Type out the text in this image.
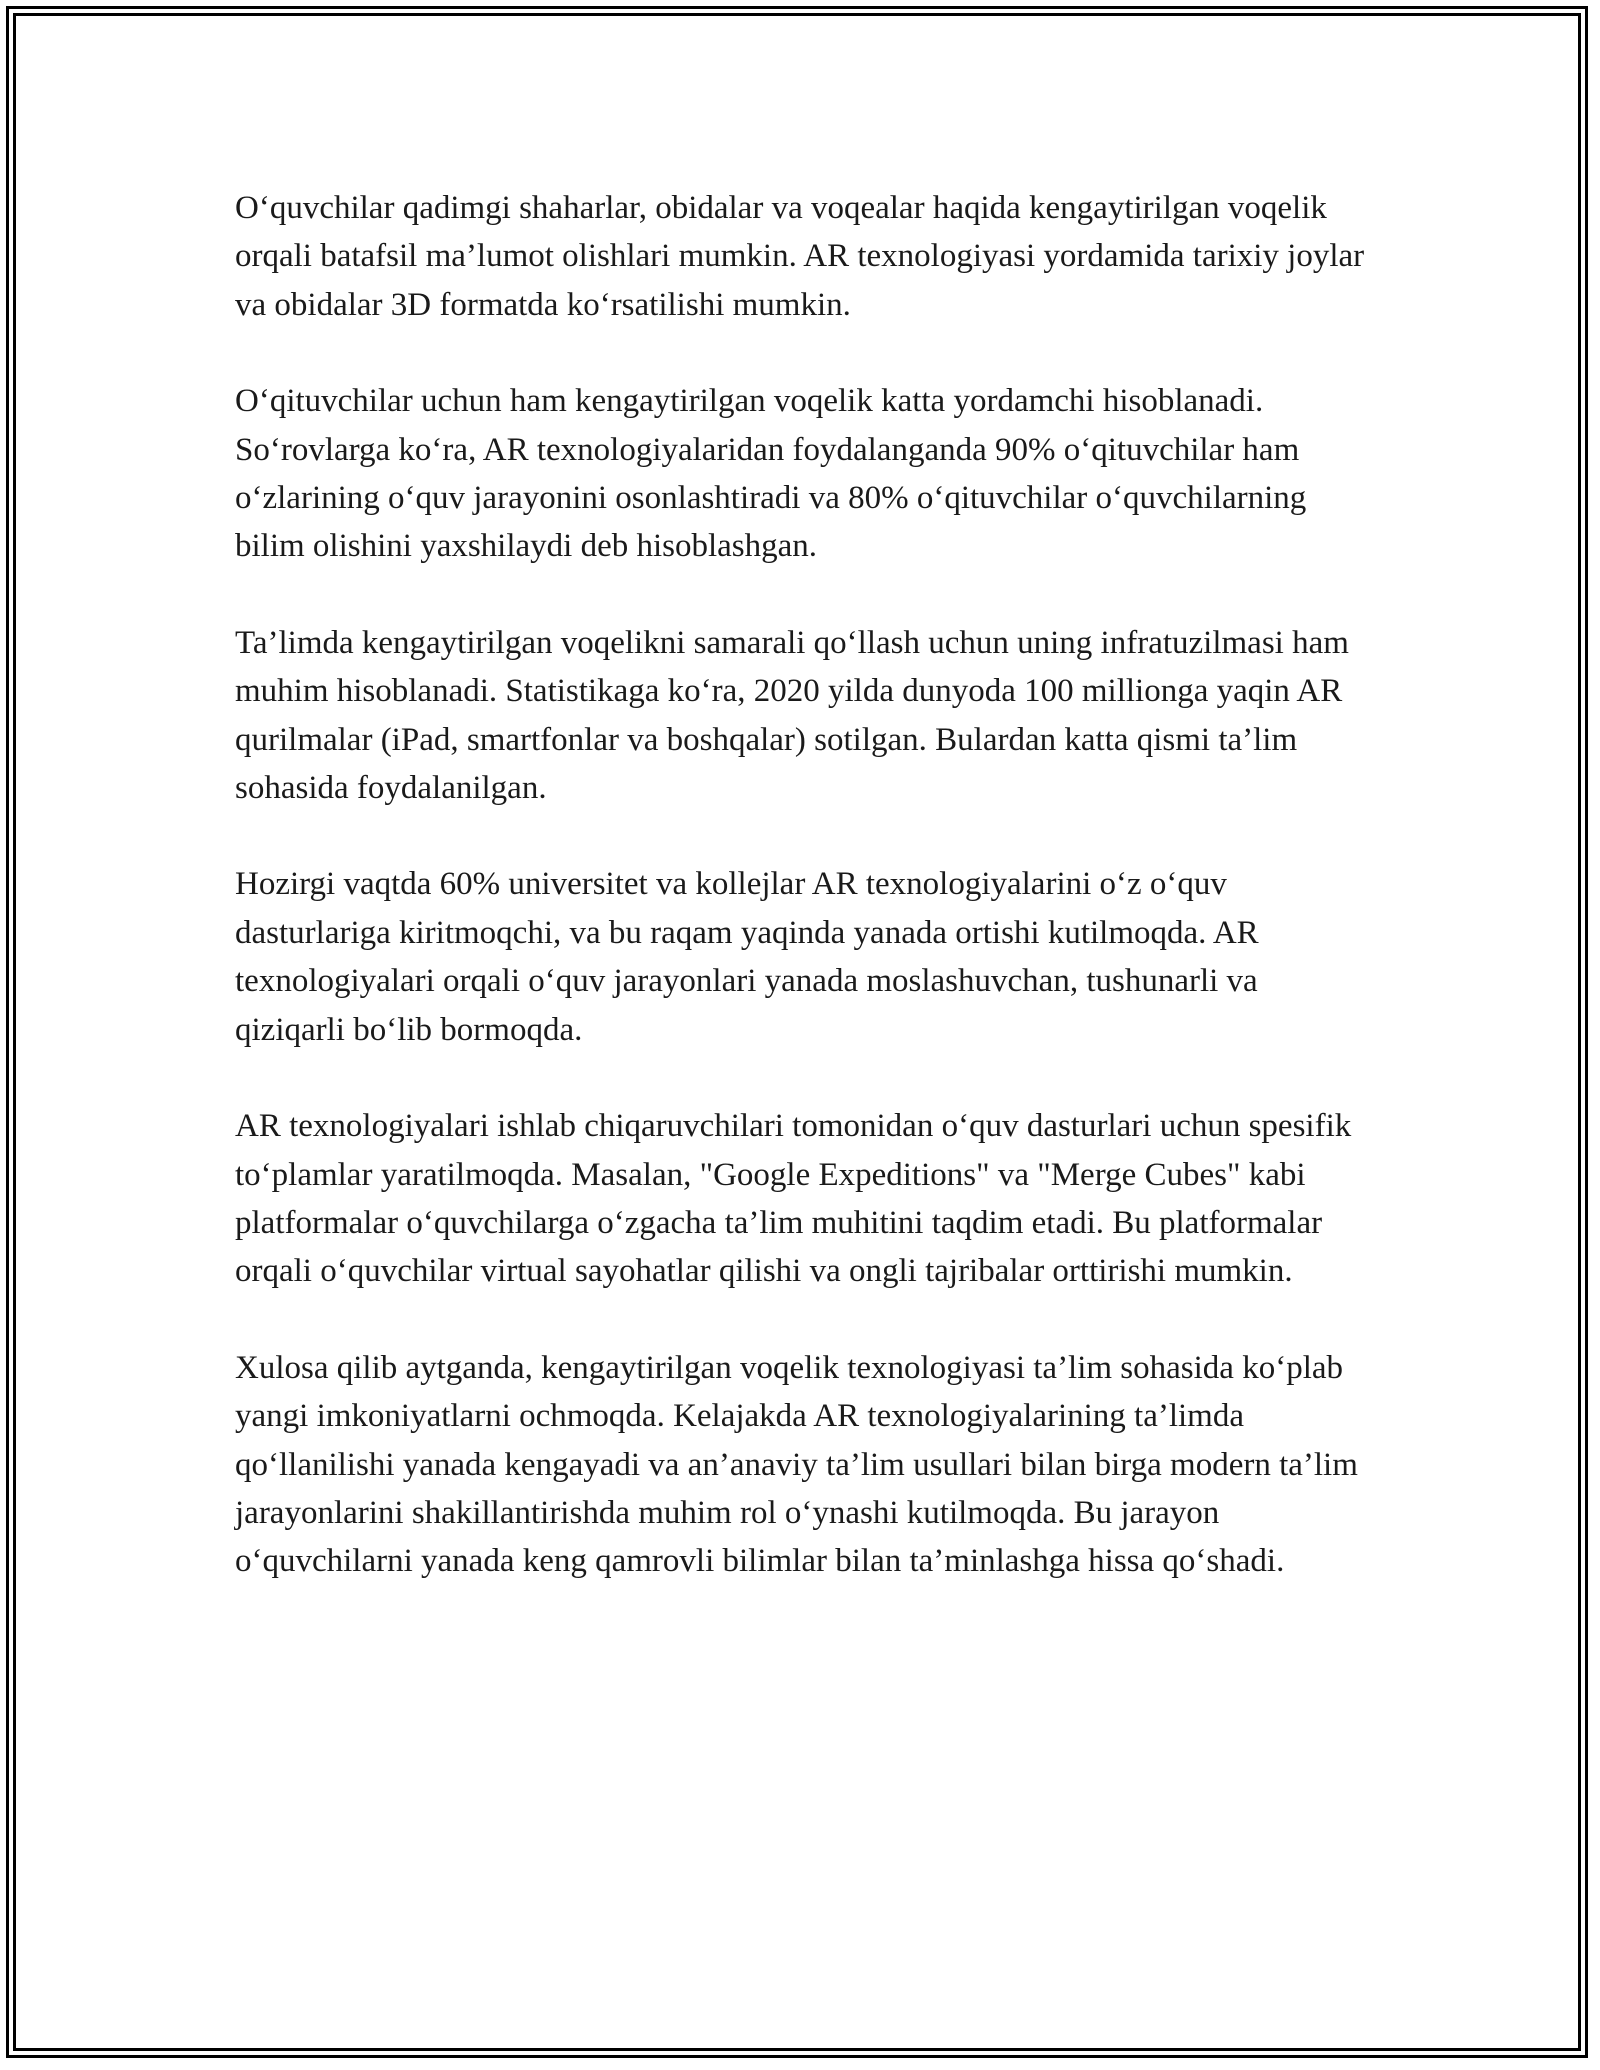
O‘quvchilar qadimgi shaharlar, obidalar va voqealar haqida kengaytirilgan voqelik orqali batafsil ma’lumot olishlari mumkin. AR texnologiyasi yordamida tarixiy joylar va obidalar 3D formatda ko‘rsatilishi mumkin.

O‘qituvchilar uchun ham kengaytirilgan voqelik katta yordamchi hisoblanadi. So‘rovlarga ko‘ra, AR texnologiyalaridan foydalanganda 90% o‘qituvchilar ham o‘zlarining o‘quv jarayonini osonlashtiradi va 80% o‘qituvchilar o‘quvchilarning bilim olishini yaxshilaydi deb hisoblashgan.

Ta’limda kengaytirilgan voqelikni samarali qo‘llash uchun uning infratuzilmasi ham muhim hisoblanadi. Statistikaga ko‘ra, 2020 yilda dunyoda 100 millionga yaqin AR qurilmalar (iPad, smartfonlar va boshqalar) sotilgan. Bulardan katta qismi ta’lim sohasida foydalanilgan.

Hozirgi vaqtda 60% universitet va kollejlar AR texnologiyalarini o‘z o‘quv dasturlariga kiritmoqchi, va bu raqam yaqinda yanada ortishi kutilmoqda. AR texnologiyalari orqali o‘quv jarayonlari yanada moslashuvchan, tushunarli va qiziqarli bo‘lib bormoqda.

AR texnologiyalari ishlab chiqaruvchilari tomonidan o‘quv dasturlari uchun spesifik to‘plamlar yaratilmoqda. Masalan, "Google Expeditions" va "Merge Cubes" kabi platformalar o‘quvchilarga o‘zgacha ta’lim muhitini taqdim etadi. Bu platformalar orqali o‘quvchilar virtual sayohatlar qilishi va ongli tajribalar orttirishi mumkin.

Xulosa qilib aytganda, kengaytirilgan voqelik texnologiyasi ta’lim sohasida ko‘plab yangi imkoniyatlarni ochmoqda. Kelajakda AR texnologiyalarining ta’limda qo‘llanilishi yanada kengayadi va an’anaviy ta’lim usullari bilan birga modern ta’lim jarayonlarini shakillantirishda muhim rol o‘ynashi kutilmoqda. Bu jarayon o‘quvchilarni yanada keng qamrovli bilimlar bilan ta’minlashga hissa qo‘shadi.
